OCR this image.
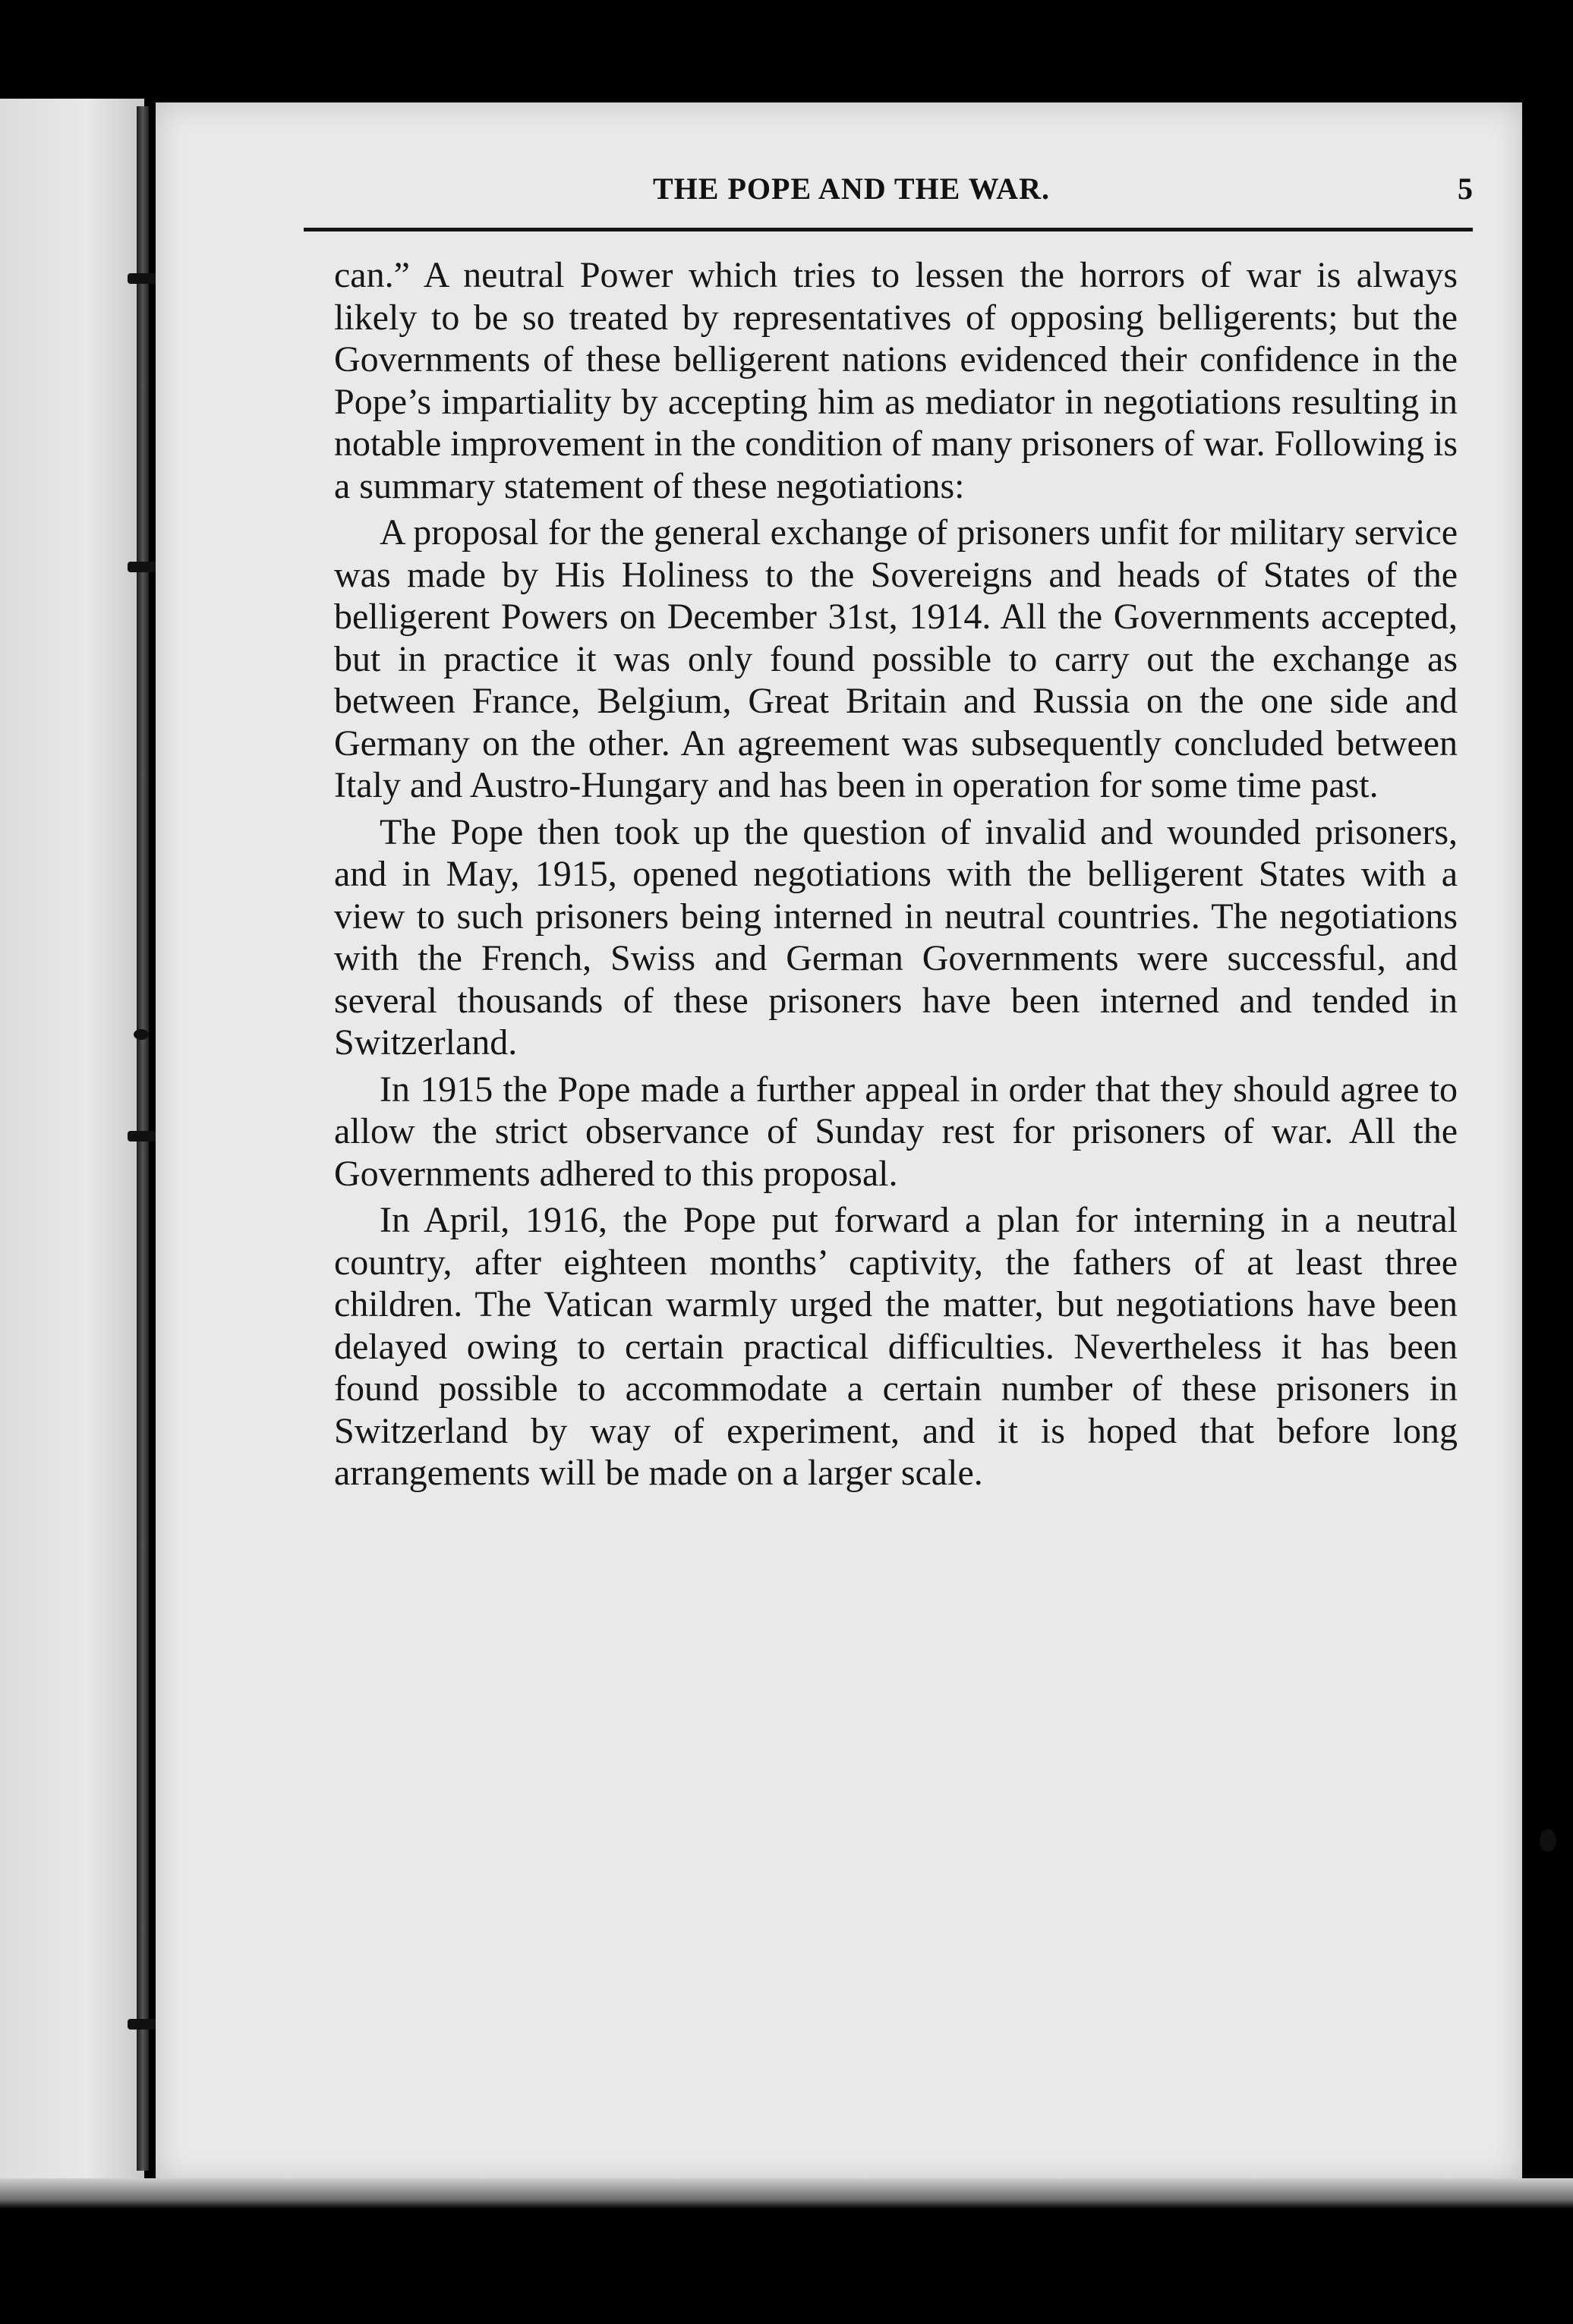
THE POPE AND THE WAR.	5

can.” A neutral Power which tries to lessen the horrors of war is always likely to be so treated by representatives of opposing belligerents; but the Governments of these belligerent nations evidenced their confidence in the Pope’s impartiality by accepting him as mediator in negotiations resulting in notable improvement in the condition of many prisoners of war. Following is a summary statement of these negotiations:

A proposal for the general exchange of prisoners unfit for military service was made by His Holiness to the Sovereigns and heads of States of the belligerent Powers on December 31st, 1914. All the Governments accepted, but in practice it was only found possible to carry out the exchange as between France, Belgium, Great Britain and Russia on the one side and Germany on the other. An agreement was subsequently concluded between Italy and Austro-Hungary and has been in operation for some time past.

The Pope then took up the question of invalid and wounded prisoners, and in May, 1915, opened negotiations with the belligerent States with a view to such prisoners being interned in neutral countries. The negotiations with the French, Swiss and German Governments were successful, and several thousands of these prisoners have been interned and tended in Switzerland.

In 1915 the Pope made a further appeal in order that they should agree to allow the strict observance of Sunday rest for prisoners of war. All the Governments adhered to this proposal.

In April, 1916, the Pope put forward a plan for interning in a neutral country, after eighteen months’ captivity, the fathers of at least three children. The Vatican warmly urged the matter, but negotiations have been delayed owing to certain practical difficulties. Nevertheless it has been found possible to accommodate a certain number of these prisoners in Switzerland by way of experiment, and it is hoped that before long arrangements will be made on a larger scale.
